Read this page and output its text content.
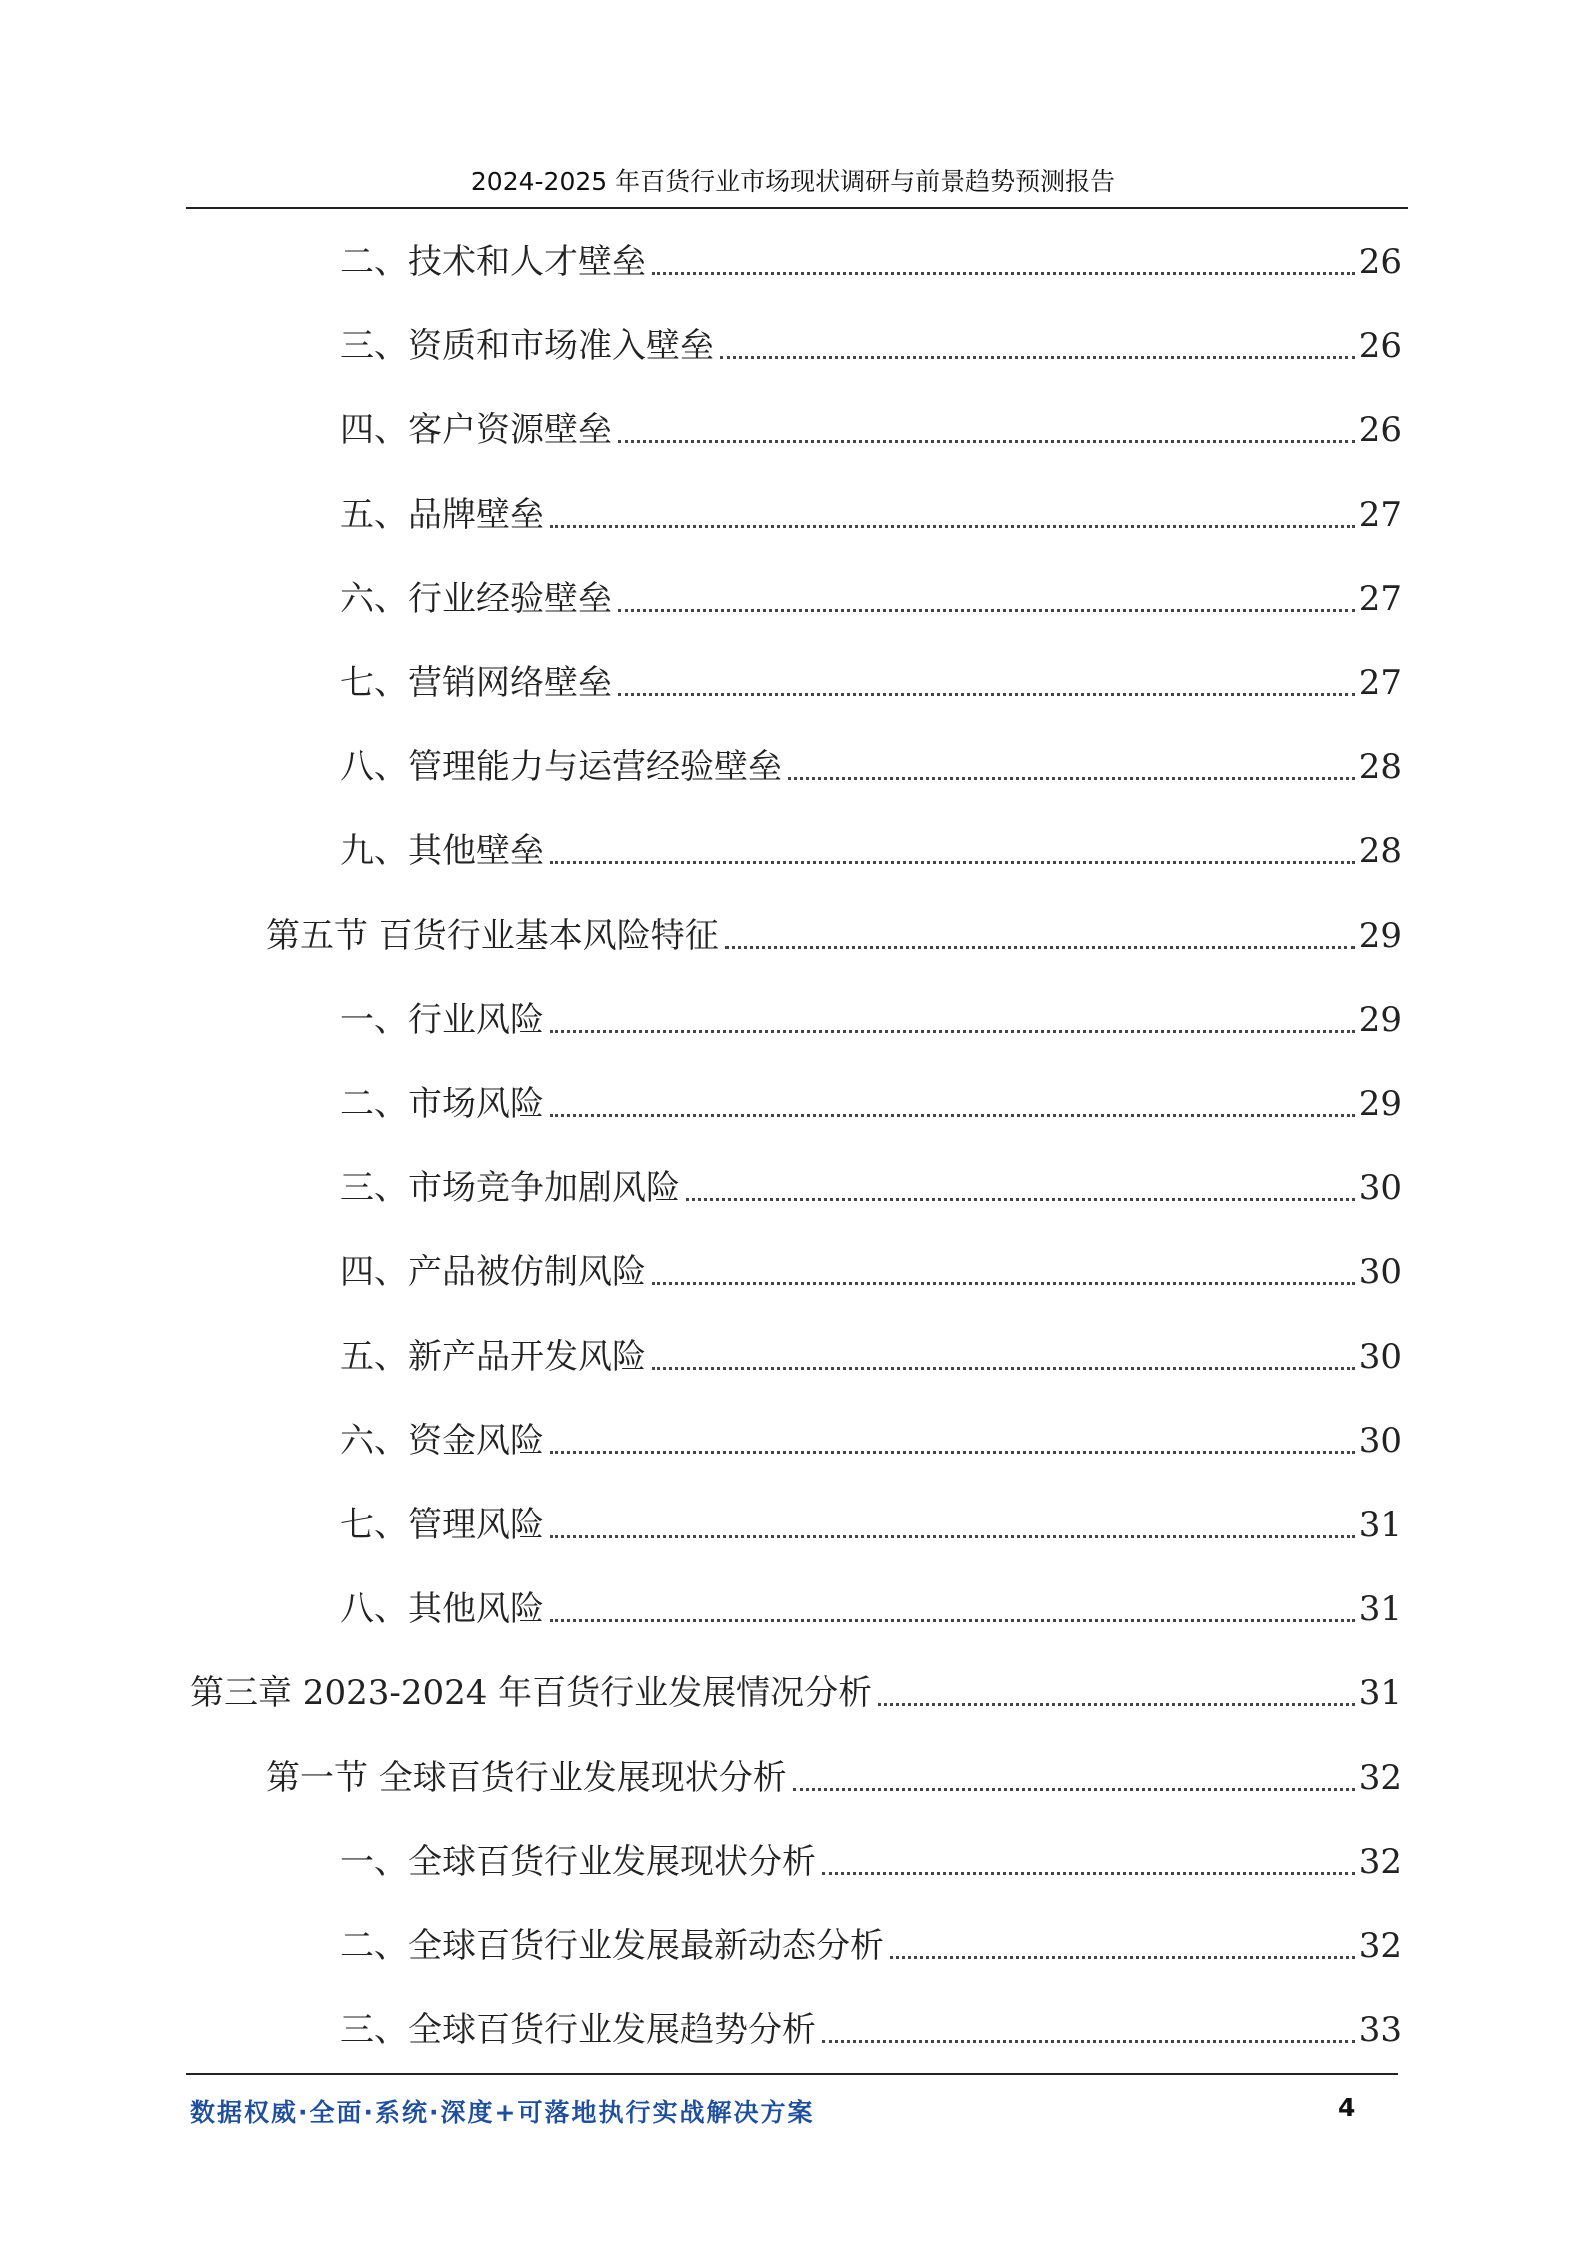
2024-2025 年百货行业市场现状调研与前景趋势预测报告
二、技术和人才壁垒	26
三、资质和市场准入壁垒	26
四、客户资源壁垒	26
五、品牌壁垒	27
六、行业经验壁垒	27
七、营销网络壁垒	27
八、管理能力与运营经验壁垒	28
九、其他壁垒	28
第五节 百货行业基本风险特征	29
一、行业风险	29
二、市场风险	29
三、市场竞争加剧风险	30
四、产品被仿制风险	30
五、新产品开发风险	30
六、资金风险	30
七、管理风险	31
八、其他风险	31
第三章 2023-2024 年百货行业发展情况分析	31
第一节 全球百货行业发展现状分析	32
一、全球百货行业发展现状分析	32
二、全球百货行业发展最新动态分析	32
三、全球百货行业发展趋势分析	33
数据权威·全面·系统·深度+可落地执行实战解决方案	4
